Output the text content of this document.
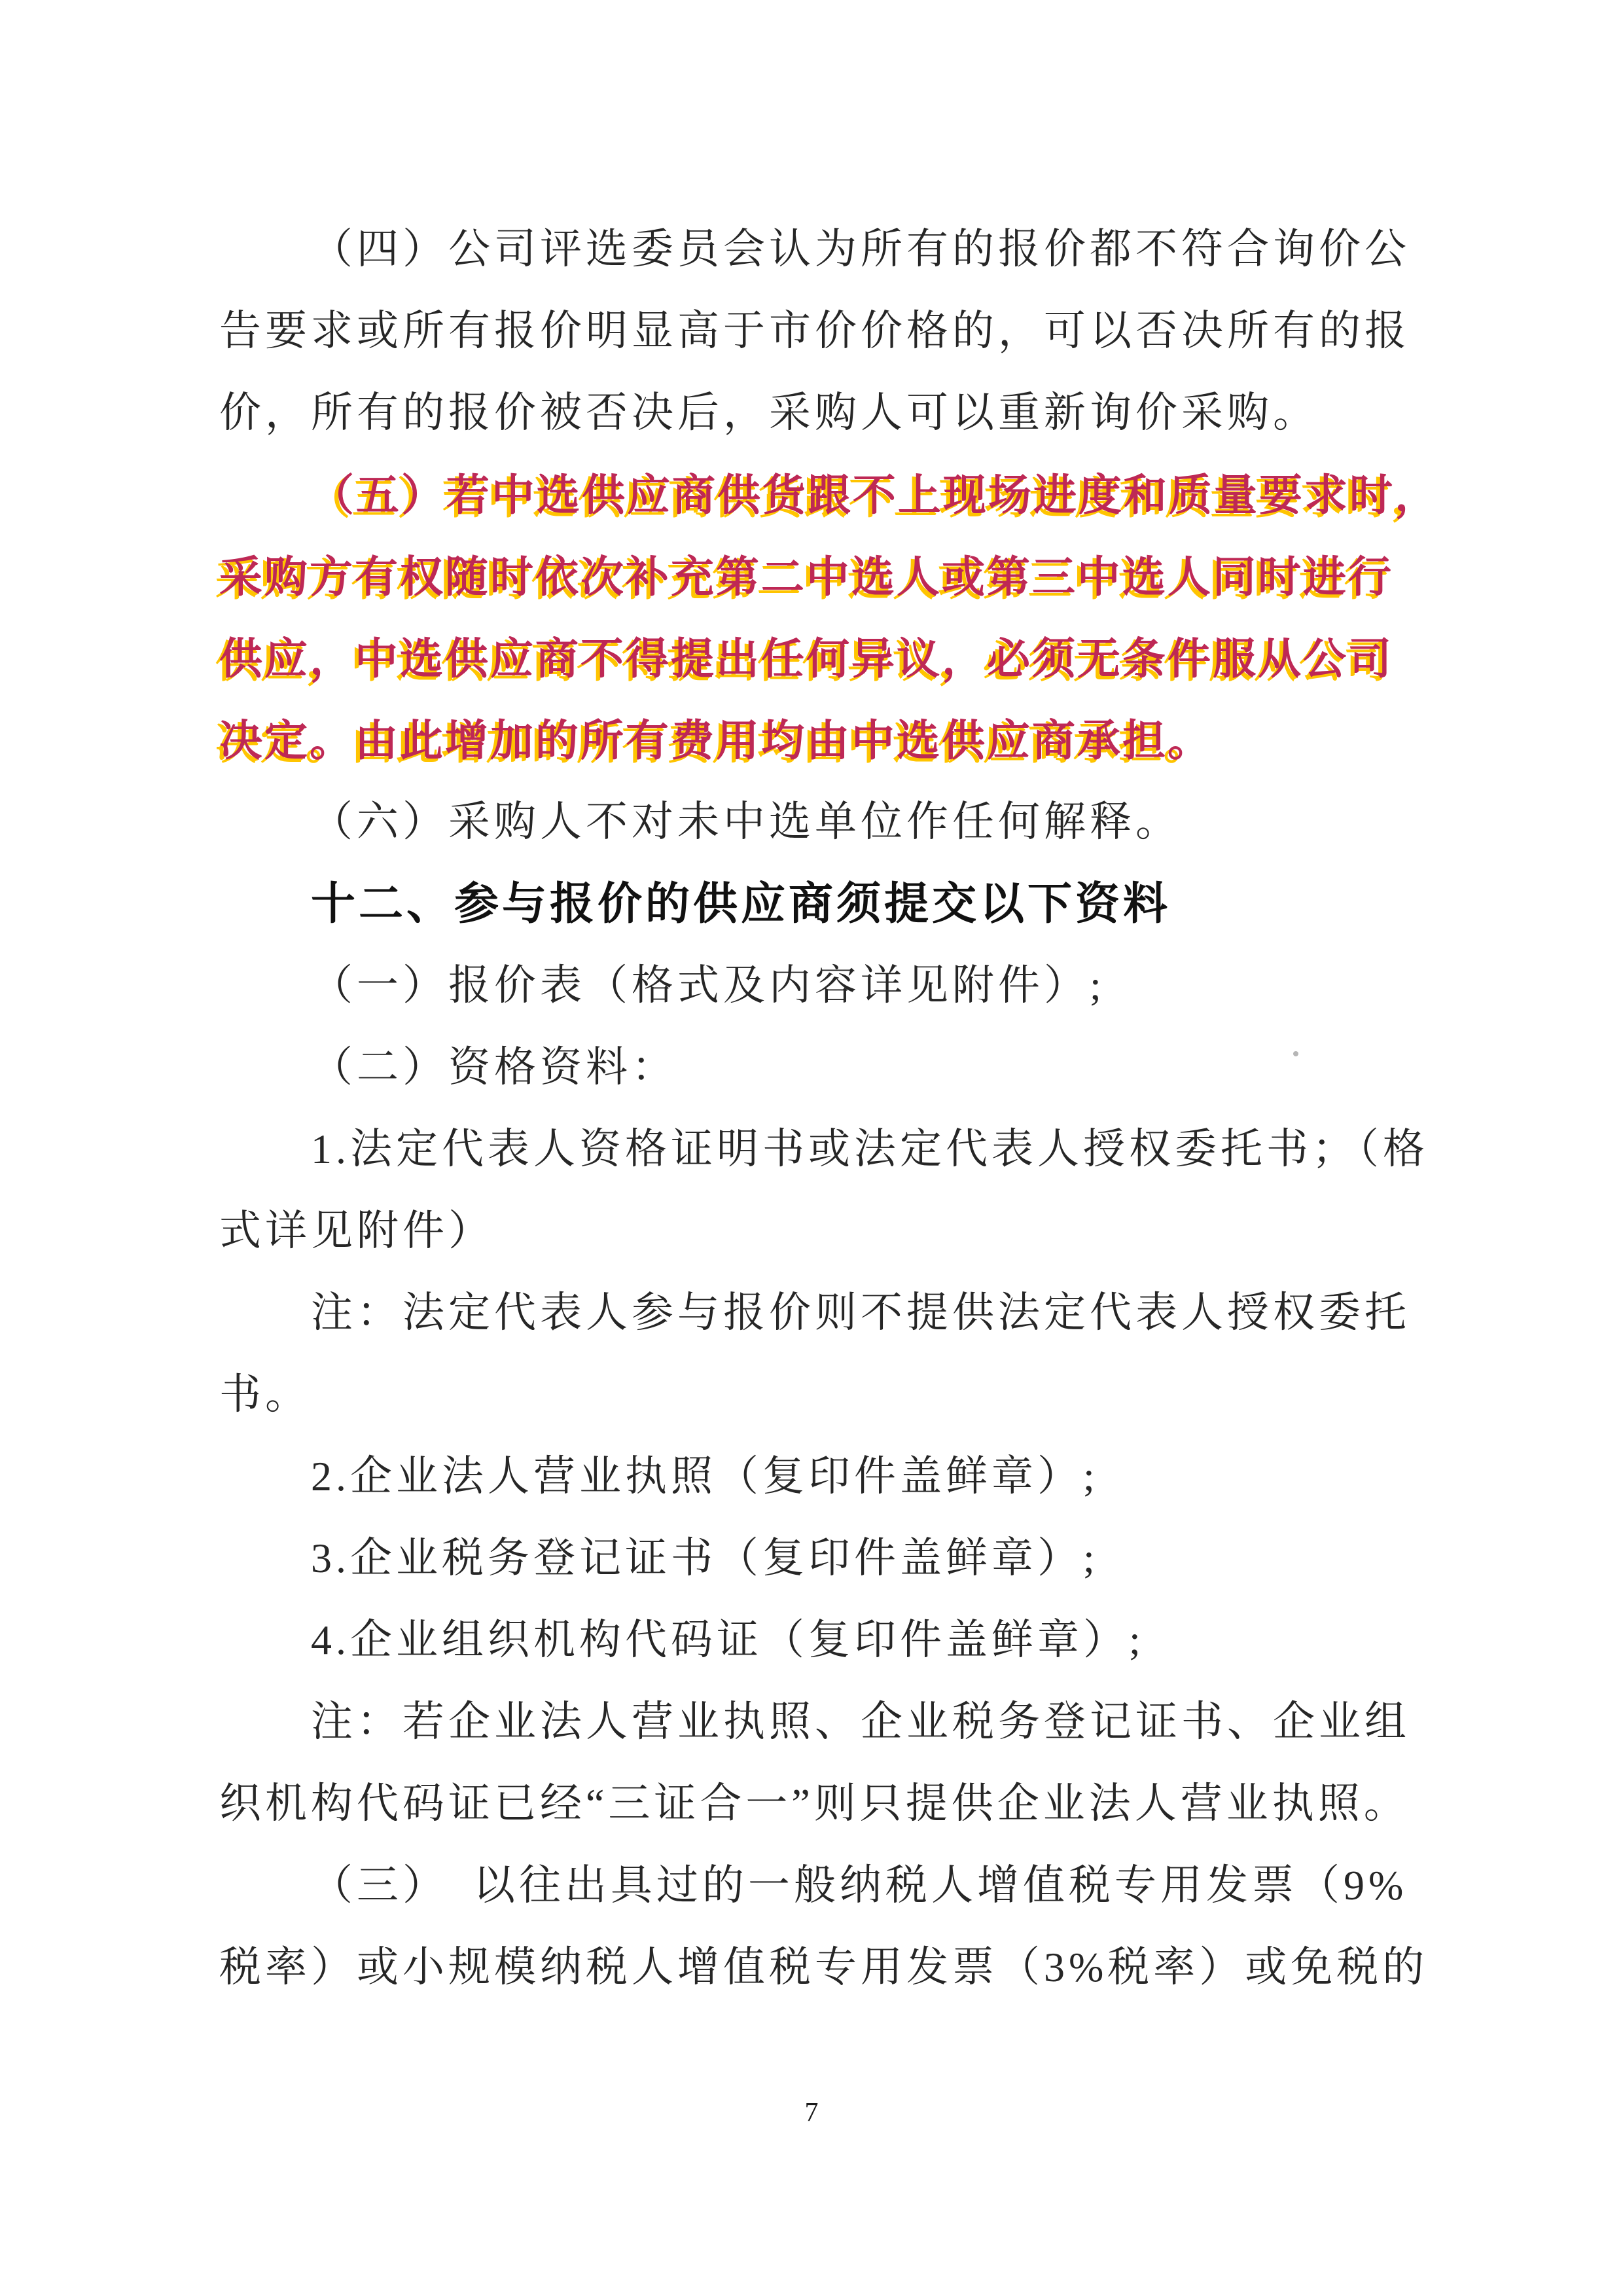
（四）公司评选委员会认为所有的报价都不符合询价公
告要求或所有报价明显高于市价价格的，可以否决所有的报
价，所有的报价被否决后，采购人可以重新询价采购。
（五）若中选供应商供货跟不上现场进度和质量要求时，
采购方有权随时依次补充第二中选人或第三中选人同时进行
供应，中选供应商不得提出任何异议，必须无条件服从公司
决定。由此增加的所有费用均由中选供应商承担。
（六）采购人不对未中选单位作任何解释。
十二、参与报价的供应商须提交以下资料
（一）报价表（格式及内容详见附件）;
（二）资格资料：
1.法定代表人资格证明书或法定代表人授权委托书；（格
式详见附件）
注：法定代表人参与报价则不提供法定代表人授权委托
书。
2.企业法人营业执照（复印件盖鲜章）;
3.企业税务登记证书（复印件盖鲜章）;
4.企业组织机构代码证（复印件盖鲜章）;
注：若企业法人营业执照、企业税务登记证书、企业组
织机构代码证已经“三证合一”则只提供企业法人营业执照。
（三）　以往出具过的一般纳税人增值税专用发票（9%
税率）或小规模纳税人增值税专用发票（3%税率）或免税的
7
